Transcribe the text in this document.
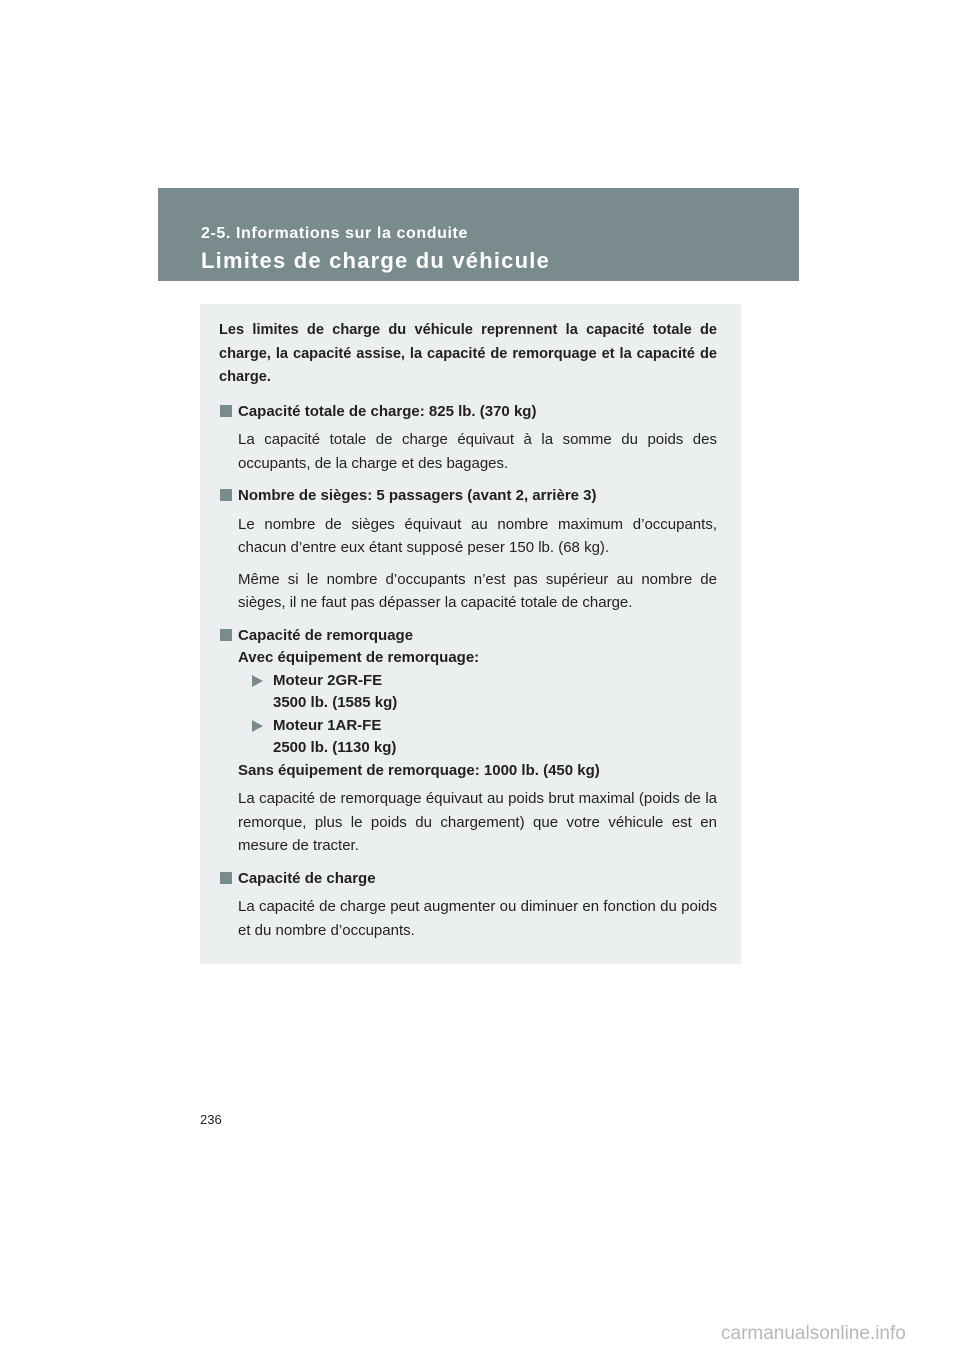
2-5. Informations sur la conduite
Limites de charge du véhicule

Les limites de charge du véhicule reprennent la capacité totale de charge, la capacité assise, la capacité de remorquage et la capacité de charge.

Capacité totale de charge: 825 lb. (370 kg)

La capacité totale de charge équivaut à la somme du poids des occupants, de la charge et des bagages.

Nombre de sièges: 5 passagers (avant 2, arrière 3)

Le nombre de sièges équivaut au nombre maximum d’occupants, chacun d’entre eux étant supposé peser 150 lb. (68 kg).

Même si le nombre d’occupants n’est pas supérieur au nombre de sièges, il ne faut pas dépasser la capacité totale de charge.

Capacité de remorquage
Avec équipement de remorquage:
Moteur 2GR-FE
3500 lb. (1585 kg)
Moteur 1AR-FE
2500 lb. (1130 kg)
Sans équipement de remorquage: 1000 lb. (450 kg)

La capacité de remorquage équivaut au poids brut maximal (poids de la remorque, plus le poids du chargement) que votre véhicule est en mesure de tracter.

Capacité de charge

La capacité de charge peut augmenter ou diminuer en fonction du poids et du nombre d’occupants.

236
carmanualsonline.info
